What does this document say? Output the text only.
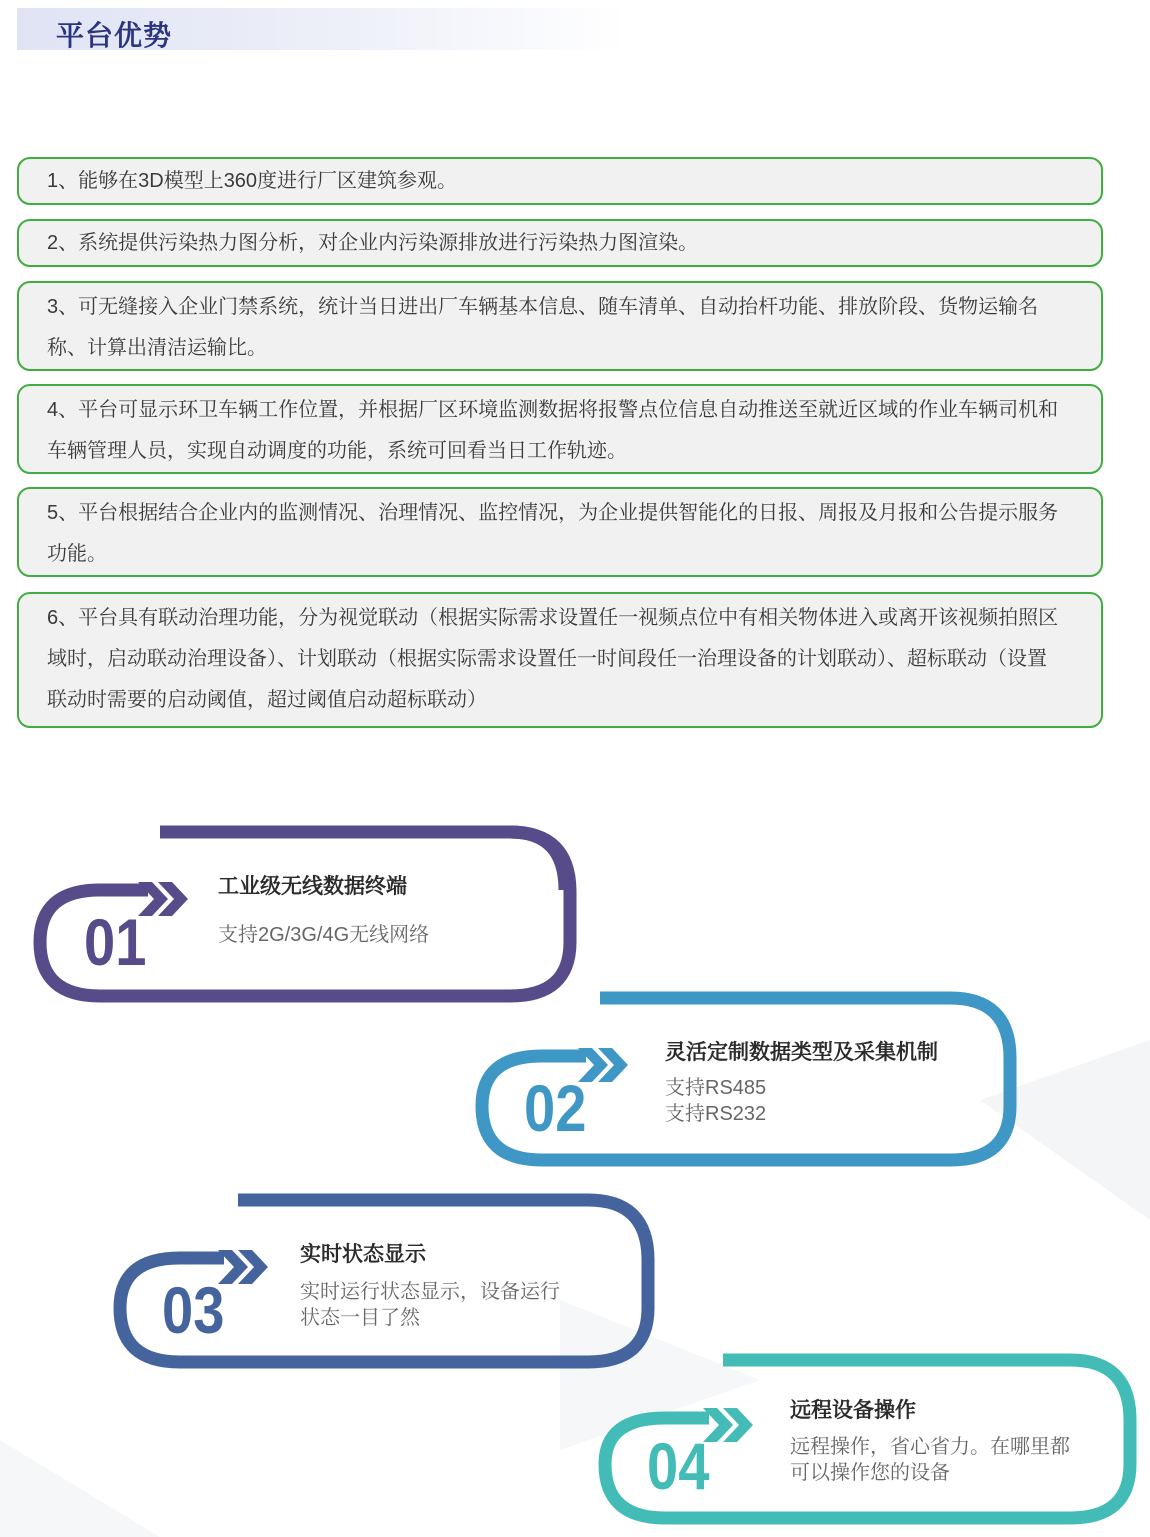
平台优势
1、能够在3D模型上360度进行厂区建筑参观。
2、系统提供污染热力图分析，对企业内污染源排放进行污染热力图渲染。
3、可无缝接入企业门禁系统，统计当日进出厂车辆基本信息、随车清单、自动抬杆功能、排放阶段、货物运输名称、计算出清洁运输比。
4、平台可显示环卫车辆工作位置，并根据厂区环境监测数据将报警点位信息自动推送至就近区域的作业车辆司机和车辆管理人员，实现自动调度的功能，系统可回看当日工作轨迹。
5、平台根据结合企业内的监测情况、治理情况、监控情况，为企业提供智能化的日报、周报及月报和公告提示服务功能。
6、平台具有联动治理功能，分为视觉联动（根据实际需求设置任一视频点位中有相关物体进入或离开该视频拍照区域时，启动联动治理设备）、计划联动（根据实际需求设置任一时间段任一治理设备的计划联动）、超标联动（设置联动时需要的启动阈值，超过阈值启动超标联动）
01
工业级无线数据终端
支持2G/3G/4G无线网络
02
灵活定制数据类型及采集机制
支持RS485
支持RS232
03
实时状态显示
实时运行状态显示，设备运行
状态一目了然
04
远程设备操作
远程操作，省心省力。在哪里都
可以操作您的设备
